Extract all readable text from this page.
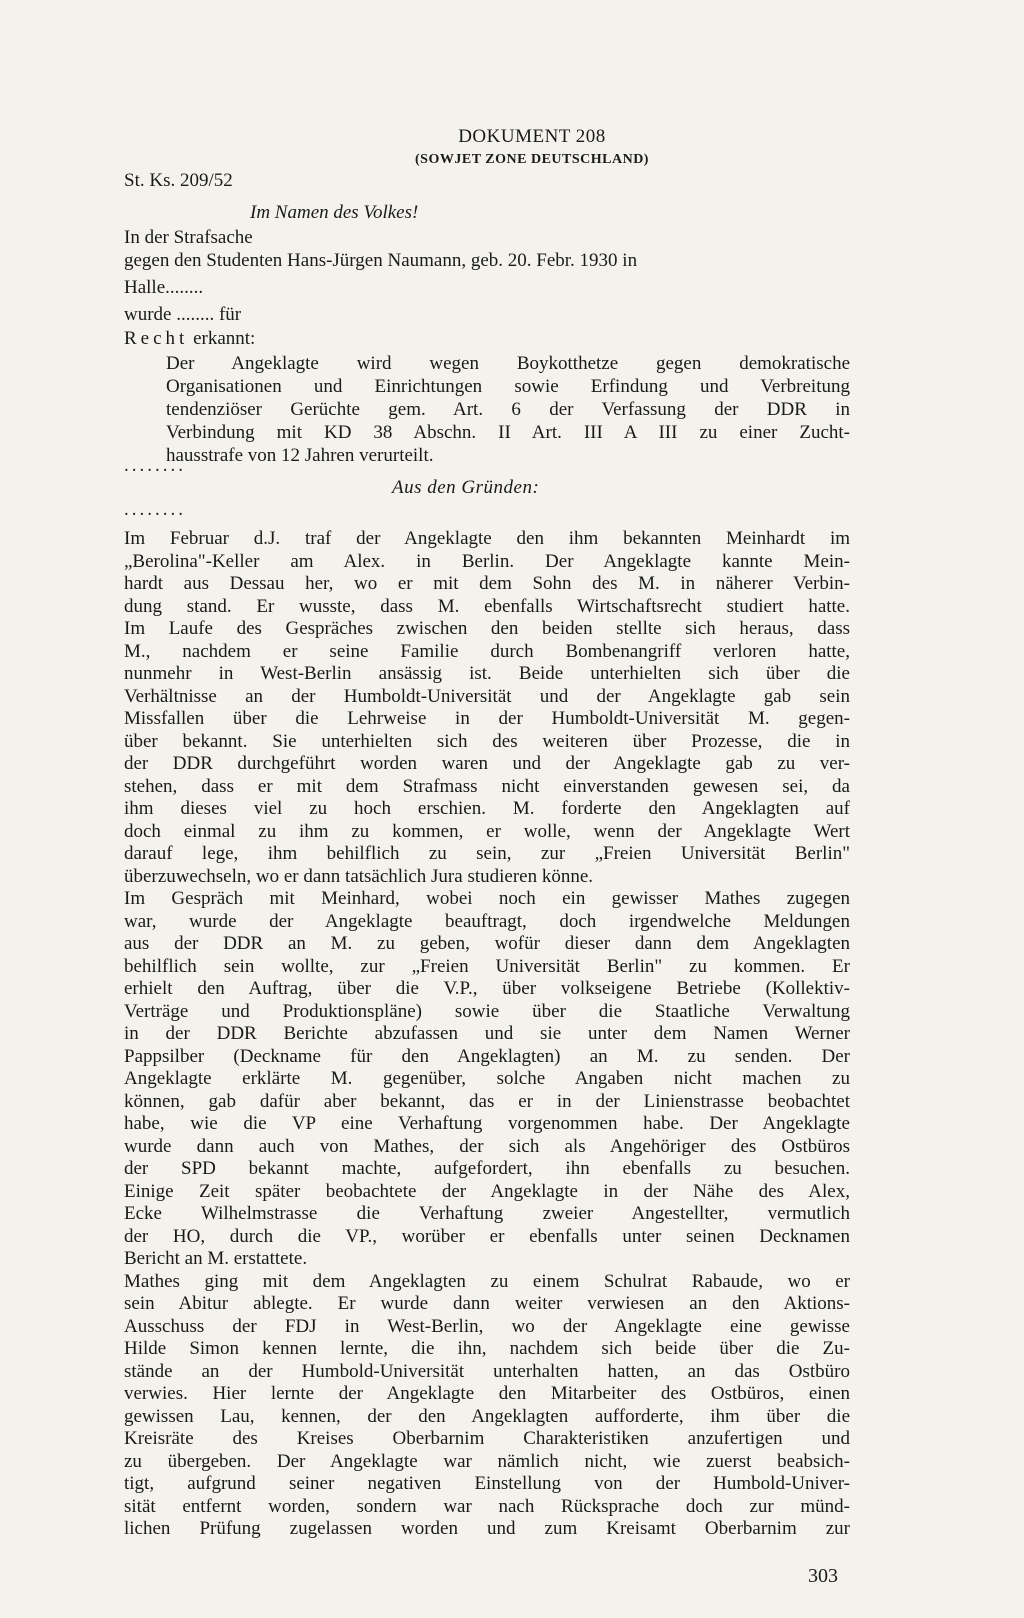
DOKUMENT 208
(SOWJET ZONE DEUTSCHLAND)
St. Ks. 209/52
Im Namen des Volkes!
In der Strafsache
gegen den Studenten Hans-Jürgen Naumann, geb. 20. Febr. 1930 in
Halle........
wurde ........ für
Recht erkannt:
Der Angeklagte wird wegen Boykotthetze gegen demokratische
Organisationen und Einrichtungen sowie Erfindung und Verbreitung
tendenziöser Gerüchte gem. Art. 6 der Verfassung der DDR in
Verbindung mit KD 38 Abschn. II Art. III A III zu einer Zucht-
hausstrafe von 12 Jahren verurteilt.
........
Aus den Gründen:
........
Im Februar d.J. traf der Angeklagte den ihm bekannten Meinhardt im
„Berolina"-Keller am Alex. in Berlin. Der Angeklagte kannte Mein-
hardt aus Dessau her, wo er mit dem Sohn des M. in näherer Verbin-
dung stand. Er wusste, dass M. ebenfalls Wirtschaftsrecht studiert hatte.
Im Laufe des Gespräches zwischen den beiden stellte sich heraus, dass
M., nachdem er seine Familie durch Bombenangriff verloren hatte,
nunmehr in West-Berlin ansässig ist. Beide unterhielten sich über die
Verhältnisse an der Humboldt-Universität und der Angeklagte gab sein
Missfallen über die Lehrweise in der Humboldt-Universität M. gegen-
über bekannt. Sie unterhielten sich des weiteren über Prozesse, die in
der DDR durchgeführt worden waren und der Angeklagte gab zu ver-
stehen, dass er mit dem Strafmass nicht einverstanden gewesen sei, da
ihm dieses viel zu hoch erschien. M. forderte den Angeklagten auf
doch einmal zu ihm zu kommen, er wolle, wenn der Angeklagte Wert
darauf lege, ihm behilflich zu sein, zur „Freien Universität Berlin"
überzuwechseln, wo er dann tatsächlich Jura studieren könne.
Im Gespräch mit Meinhard, wobei noch ein gewisser Mathes zugegen
war, wurde der Angeklagte beauftragt, doch irgendwelche Meldungen
aus der DDR an M. zu geben, wofür dieser dann dem Angeklagten
behilflich sein wollte, zur „Freien Universität Berlin" zu kommen. Er
erhielt den Auftrag, über die V.P., über volkseigene Betriebe (Kollektiv-
Verträge und Produktionspläne) sowie über die Staatliche Verwaltung
in der DDR Berichte abzufassen und sie unter dem Namen Werner
Pappsilber (Deckname für den Angeklagten) an M. zu senden. Der
Angeklagte erklärte M. gegenüber, solche Angaben nicht machen zu
können, gab dafür aber bekannt, das er in der Linienstrasse beobachtet
habe, wie die VP eine Verhaftung vorgenommen habe. Der Angeklagte
wurde dann auch von Mathes, der sich als Angehöriger des Ostbüros
der SPD bekannt machte, aufgefordert, ihn ebenfalls zu besuchen.
Einige Zeit später beobachtete der Angeklagte in der Nähe des Alex,
Ecke Wilhelmstrasse die Verhaftung zweier Angestellter, vermutlich
der HO, durch die VP., worüber er ebenfalls unter seinen Decknamen
Bericht an M. erstattete.
Mathes ging mit dem Angeklagten zu einem Schulrat Rabaude, wo er
sein Abitur ablegte. Er wurde dann weiter verwiesen an den Aktions-
Ausschuss der FDJ in West-Berlin, wo der Angeklagte eine gewisse
Hilde Simon kennen lernte, die ihn, nachdem sich beide über die Zu-
stände an der Humbold-Universität unterhalten hatten, an das Ostbüro
verwies. Hier lernte der Angeklagte den Mitarbeiter des Ostbüros, einen
gewissen Lau, kennen, der den Angeklagten aufforderte, ihm über die
Kreisräte des Kreises Oberbarnim Charakteristiken anzufertigen und
zu übergeben. Der Angeklagte war nämlich nicht, wie zuerst beabsich-
tigt, aufgrund seiner negativen Einstellung von der Humbold-Univer-
sität entfernt worden, sondern war nach Rücksprache doch zur münd-
lichen Prüfung zugelassen worden und zum Kreisamt Oberbarnim zur
303
